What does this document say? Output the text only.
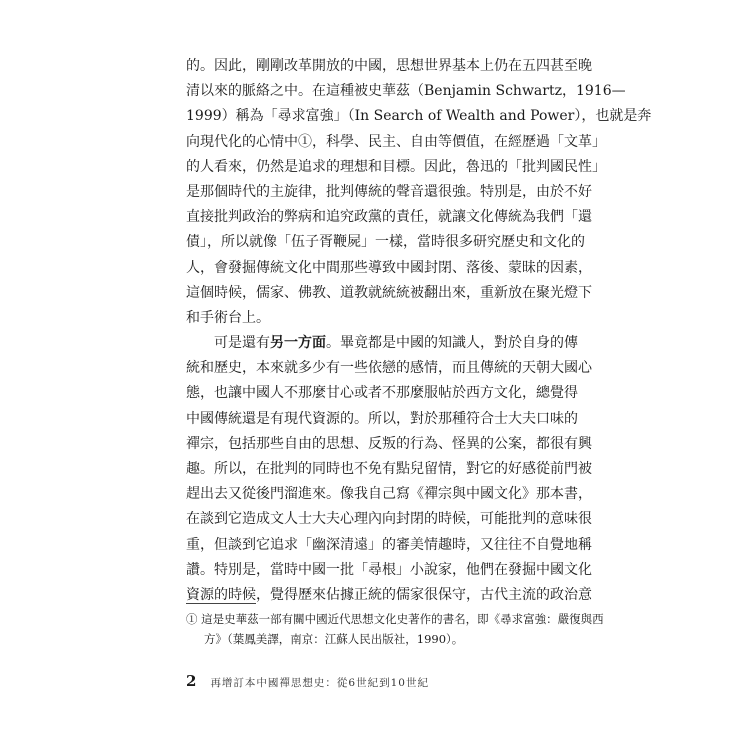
的。因此，剛剛改革開放的中國，思想世界基本上仍在五四甚至晚
清以來的脈絡之中。在這種被史華茲（Benjamin Schwartz，1916—
1999）稱為「尋求富強」（In Search of Wealth and Power），也就是奔
向現代化的心情中①，科學、民主、自由等價值，在經歷過「文革」
的人看來，仍然是追求的理想和目標。因此，魯迅的「批判國民性」
是那個時代的主旋律，批判傳統的聲音還很強。特別是，由於不好
直接批判政治的弊病和追究政黨的責任，就讓文化傳統為我們「還
債」，所以就像「伍子胥鞭屍」一樣，當時很多研究歷史和文化的
人，會發掘傳統文化中間那些導致中國封閉、落後、蒙昧的因素，
這個時候，儒家、佛教、道教就統統被翻出來，重新放在聚光燈下
和手術台上。
可是還有另一方面。畢竟都是中國的知識人，對於自身的傳
統和歷史，本來就多少有一些依戀的感情，而且傳統的天朝大國心
態，也讓中國人不那麼甘心或者不那麼服帖於西方文化，總覺得
中國傳統還是有現代資源的。所以，對於那種符合士大夫口味的
禪宗，包括那些自由的思想、反叛的行為、怪異的公案，都很有興
趣。所以，在批判的同時也不免有點兒留情，對它的好感從前門被
趕出去又從後門溜進來。像我自己寫《禪宗與中國文化》那本書，
在談到它造成文人士大夫心理內向封閉的時候，可能批判的意味很
重，但談到它追求「幽深清遠」的審美情趣時，又往往不自覺地稱
讚。特別是，當時中國一批「尋根」小說家，他們在發掘中國文化
資源的時候，覺得歷來佔據正統的儒家很保守，古代主流的政治意
① 這是史華茲一部有關中國近代思想文化史著作的書名，即《尋求富強：嚴復與西
方》（葉鳳美譯，南京：江蘇人民出版社，1990）。
2 再增訂本中國禪思想史：從6世紀到10世紀
